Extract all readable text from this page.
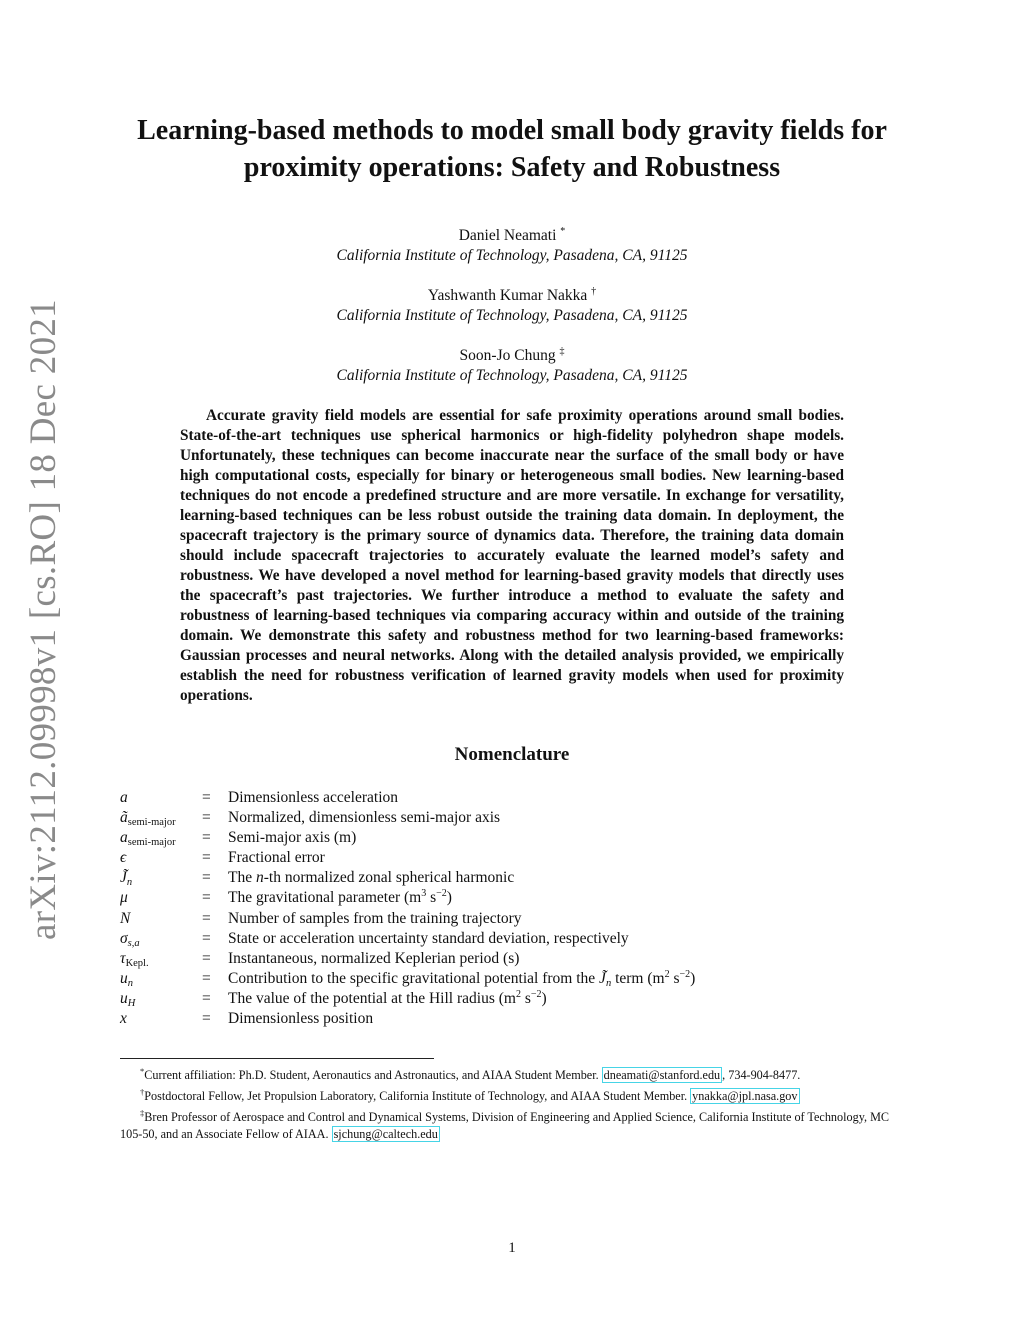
arXiv:2112.09998v1 [cs.RO] 18 Dec 2021
Learning-based methods to model small body gravity fields for
proximity operations: Safety and Robustness
Daniel Neamati *
California Institute of Technology, Pasadena, CA, 91125
Yashwanth Kumar Nakka †
California Institute of Technology, Pasadena, CA, 91125
Soon-Jo Chung ‡
California Institute of Technology, Pasadena, CA, 91125
Accurate gravity field models are essential for safe proximity operations around small bodies. State-of-the-art techniques use spherical harmonics or high-fidelity polyhedron shape models. Unfortunately, these techniques can become inaccurate near the surface of the small body or have high computational costs, especially for binary or heterogeneous small bodies. New learning-based techniques do not encode a predefined structure and are more versatile. In exchange for versatility, learning-based techniques can be less robust outside the training data domain. In deployment, the spacecraft trajectory is the primary source of dynamics data. Therefore, the training data domain should include spacecraft trajectories to accurately evaluate the learned model’s safety and robustness. We have developed a novel method for learning-based gravity models that directly uses the spacecraft’s past trajectories. We further introduce a method to evaluate the safety and robustness of learning-based techniques via comparing accuracy within and outside of the training domain. We demonstrate this safety and robustness method for two learning-based frameworks: Gaussian processes and neural networks. Along with the detailed analysis provided, we empirically establish the need for robustness verification of learned gravity models when used for proximity operations.
Nomenclature
a	= Dimensionless acceleration
$ã_{semi-major}$ = Normalized, dimensionless semi-major axis
$a_{semi-major}$ = Semi-major axis (m)
ϵ	= Fractional error
J̃n	= The n-th normalized zonal spherical harmonic
μ	= The gravitational parameter ($m^3$ $s^{-2}$)
N	= Number of samples from the training trajectory
σs,a	= State or acceleration uncertainty standard deviation, respectively
$\tau_{Kepl.}$	= Instantaneous, normalized Keplerian period (s)
un	= Contribution to the specific gravitational potential from the J̃n term ($m^2$ $s^{-2}$)
uH	= The value of the potential at the Hill radius ($m^2$ $s^{-2}$)
x	= Dimensionless position
*Current affiliation: Ph.D. Student, Aeronautics and Astronautics, and AIAA Student Member. dneamati@stanford.edu , 734-904-8477.
†Postdoctoral Fellow, Jet Propulsion Laboratory, California Institute of Technology, and AIAA Student Member. ynakka@jpl.nasa.gov
‡Bren Professor of Aerospace and Control and Dynamical Systems, Division of Engineering and Applied Science, California Institute of Technology, MC 105-50, and an Associate Fellow of AIAA. sjchung@caltech.edu
1
